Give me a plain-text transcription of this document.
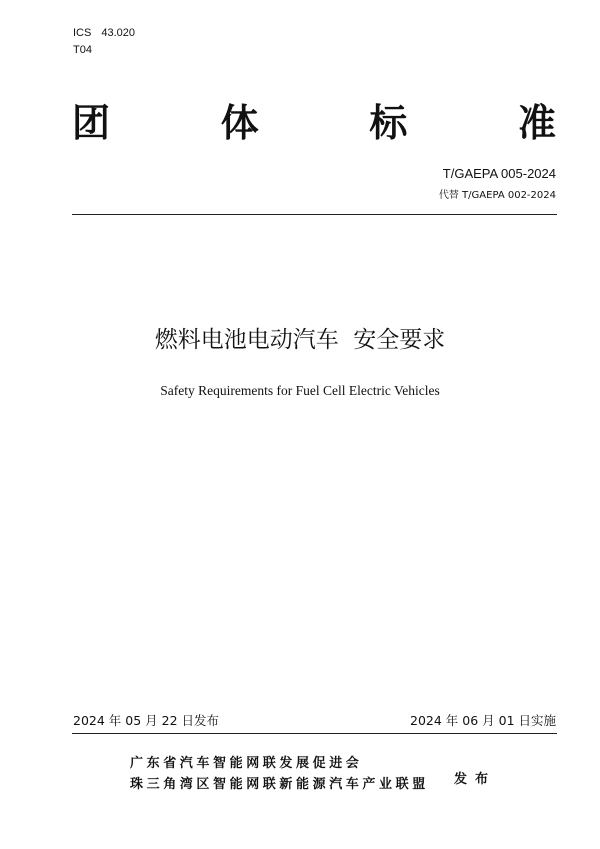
ICS 43.020
T04
团	体	标	准
T/GAEPA 005-2024
代替 T/GAEPA 002-2024
燃料电池电动汽车  安全要求
Safety Requirements for Fuel Cell Electric Vehicles
2024 年 05 月 22 日发布	2024 年 06 月 01 日实施
广东省汽车智能网联发展促进会
珠三角湾区智能网联新能源汽车产业联盟 发布
